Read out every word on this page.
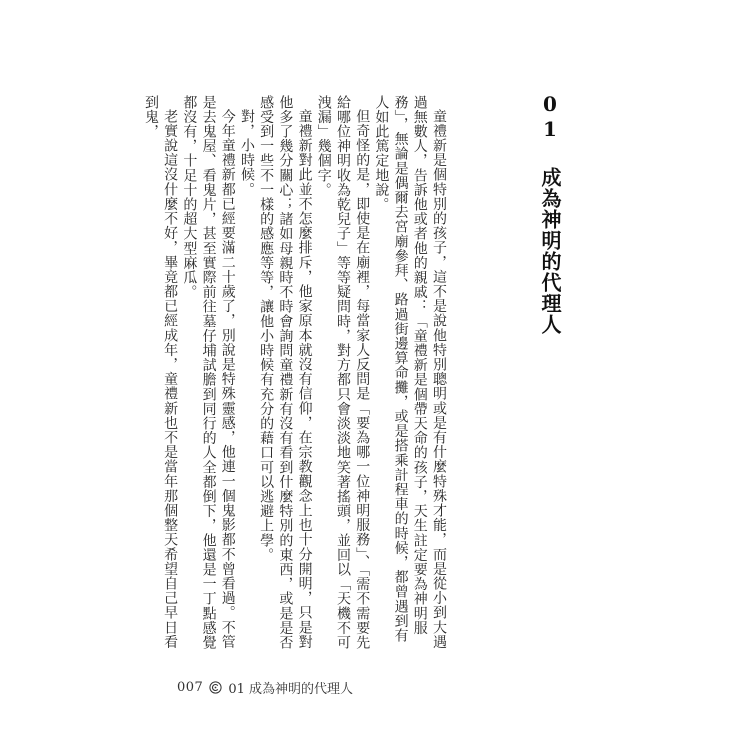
01 成為神明的代理人

童禮新是個特別的孩子，這不是說他特別聰明或是有什麼特殊才能，而是從小到大遇過無數人，告訴他或者他的親戚：「童禮新是個帶天命的孩子，天生註定要為神明服務」，無論是偶爾去宮廟參拜、路過街邊算命攤，或是搭乘計程車的時候，都曾遇到有人如此篤定地說。

但奇怪的是，即使是在廟裡，每當家人反問是「要為哪一位神明服務」、「需不需要先給哪位神明收為乾兒子」等等疑問時，對方都只會淡淡地笑著搖頭，並回以「天機不可洩漏」幾個字。

童禮新對此並不怎麼排斥，他家原本就沒有信仰，在宗教觀念上也十分開明，只是對他多了幾分關心；諸如母親時不時會詢問童禮新有沒有看到什麼特別的東西，或是是否感受到一些不一樣的感應等等，讓他小時候有充分的藉口可以逃避上學。

對，小時候。

今年童禮新都已經要滿二十歲了，別說是特殊靈感，他連一個鬼影都不曾看過。不管是去鬼屋、看鬼片，甚至實際前往墓仔埔試膽到同行的人全都倒下，他還是一丁點感覺都沒有，十足十的超大型麻瓜。

老實說這沒什麼不好，畢竟都已經成年，童禮新也不是當年那個整天希望自己早日看到鬼，

007 01 成為神明的代理人
